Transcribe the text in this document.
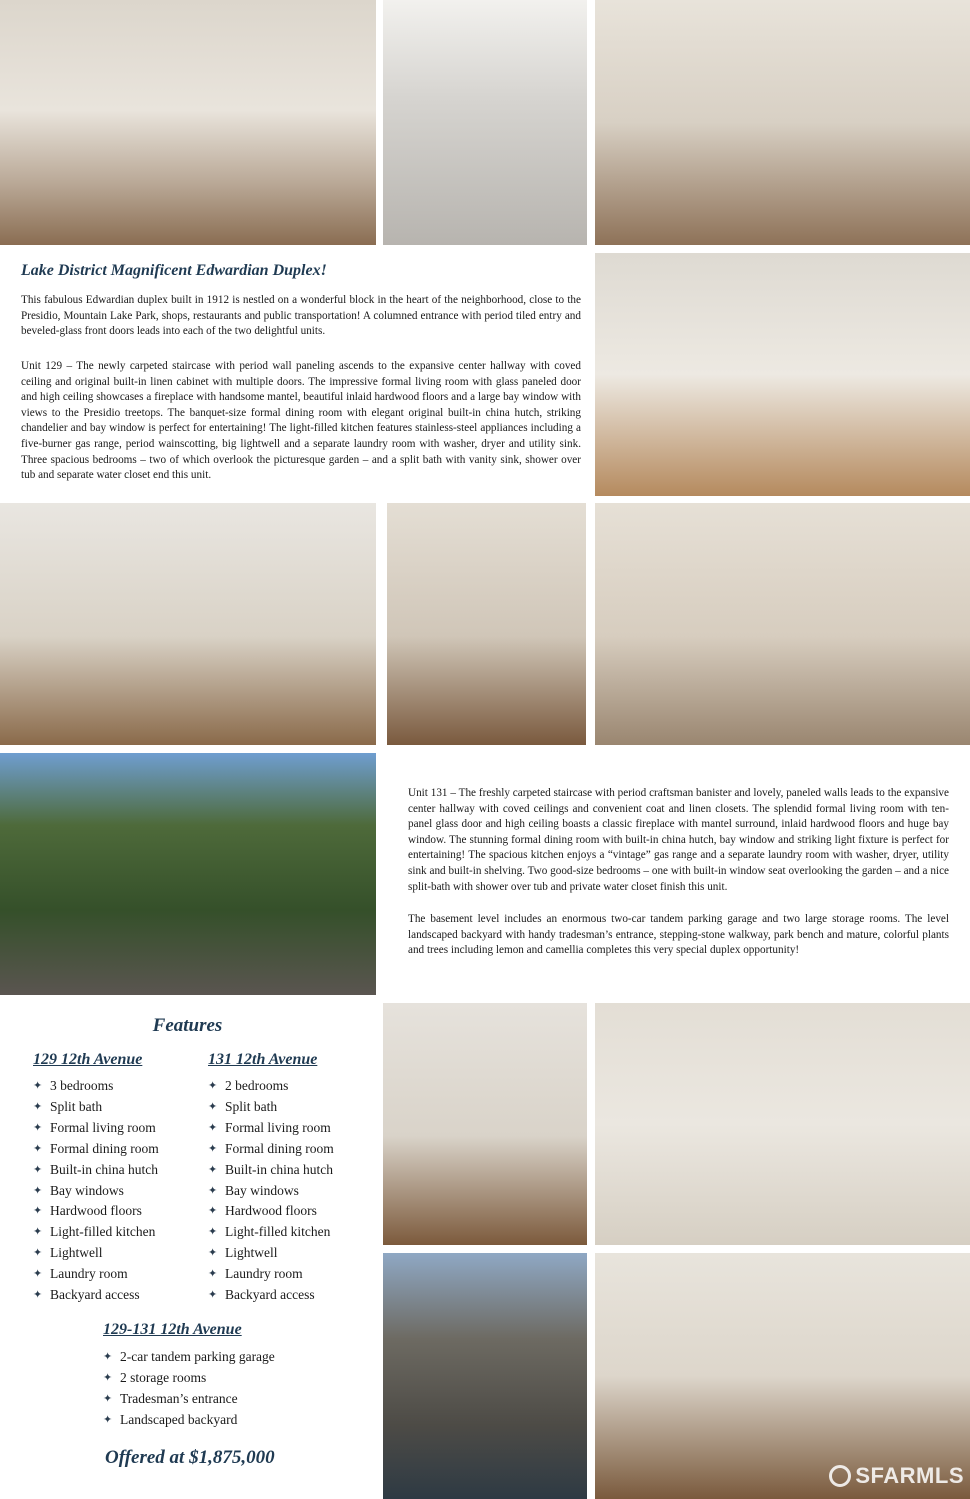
Lake District Magnificent Edwardian Duplex!

This fabulous Edwardian duplex built in 1912 is nestled on a wonderful block in the heart of the neighborhood, close to the Presidio, Mountain Lake Park, shops, restaurants and public transportation! A columned entrance with period tiled entry and beveled-glass front doors leads into each of the two delightful units.

Unit 129 – The newly carpeted staircase with period wall paneling ascends to the expansive center hallway with coved ceiling and original built-in linen cabinet with multiple doors. The impressive formal living room with glass paneled door and high ceiling showcases a fireplace with handsome mantel, beautiful inlaid hardwood floors and a large bay window with views to the Presidio treetops. The banquet-size formal dining room with elegant original built-in china hutch, striking chandelier and bay window is perfect for entertaining! The light-filled kitchen features stainless-steel appliances including a five-burner gas range, period wainscotting, big lightwell and a separate laundry room with washer, dryer and utility sink. Three spacious bedrooms – two of which overlook the picturesque garden – and a split bath with vanity sink, shower over tub and separate water closet end this unit.

Unit 131 – The freshly carpeted staircase with period craftsman banister and lovely, paneled walls leads to the expansive center hallway with coved ceilings and convenient coat and linen closets. The splendid formal living room with ten-panel glass door and high ceiling boasts a classic fireplace with mantel surround, inlaid hardwood floors and huge bay window. The stunning formal dining room with built-in china hutch, bay window and striking light fixture is perfect for entertaining! The spacious kitchen enjoys a “vintage” gas range and a separate laundry room with washer, dryer, utility sink and built-in shelving. Two good-size bedrooms – one with built-in window seat overlooking the garden – and a nice split-bath with shower over tub and private water closet finish this unit.

The basement level includes an enormous two-car tandem parking garage and two large storage rooms. The level landscaped backyard with handy tradesman’s entrance, stepping-stone walkway, park bench and mature, colorful plants and trees including lemon and camellia completes this very special duplex opportunity!

Features
129 12th Avenue
✦ 3 bedrooms
✦ Split bath
✦ Formal living room
✦ Formal dining room
✦ Built-in china hutch
✦ Bay windows
✦ Hardwood floors
✦ Light-filled kitchen
✦ Lightwell
✦ Laundry room
✦ Backyard access
131 12th Avenue
✦ 2 bedrooms
✦ Split bath
✦ Formal living room
✦ Formal dining room
✦ Built-in china hutch
✦ Bay windows
✦ Hardwood floors
✦ Light-filled kitchen
✦ Lightwell
✦ Laundry room
✦ Backyard access
129-131 12th Avenue
✦ 2-car tandem parking garage
✦ 2 storage rooms
✦ Tradesman’s entrance
✦ Landscaped backyard
Offered at $1,875,000
SFARMLS
